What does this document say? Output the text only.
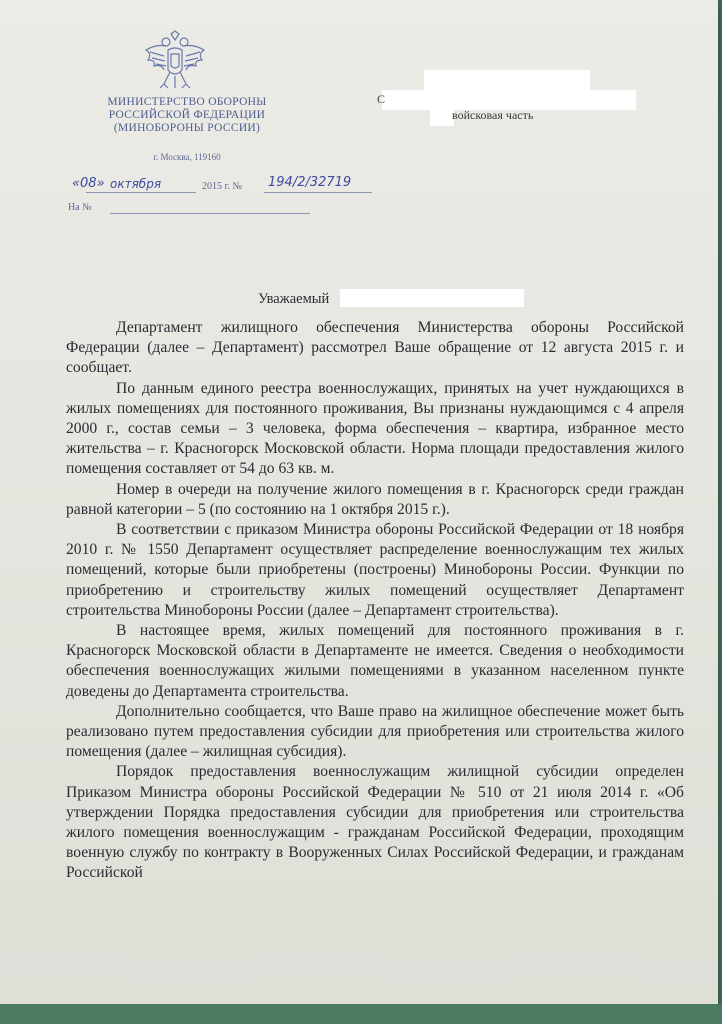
МИНИСТЕРСТВО ОБОРОНЫ
РОССИЙСКОЙ ФЕДЕРАЦИИ
(МИНОБОРОНЫ РОССИИ)
г. Москва, 119160
«08» октября	2015 г. № 194/2/32719
На №
С
войсковая часть
Уважаемый

Департамент жилищного обеспечения Министерства обороны Российской Федерации (далее – Департамент) рассмотрел Ваше обращение от 12 августа 2015 г. и сообщает.

По данным единого реестра военнослужащих, принятых на учет нуждающихся в жилых помещениях для постоянного проживания, Вы признаны нуждающимся с 4 апреля 2000 г., состав семьи – 3 человека, форма обеспечения – квартира, избранное место жительства – г. Красногорск Московской области. Норма площади предоставления жилого помещения составляет от 54 до 63 кв. м.

Номер в очереди на получение жилого помещения в г. Красногорск среди граждан равной категории – 5 (по состоянию на 1 октября 2015 г.).

В соответствии с приказом Министра обороны Российской Федерации от 18 ноября 2010 г. № 1550 Департамент осуществляет распределение военнослужащим тех жилых помещений, которые были приобретены (построены) Минобороны России. Функции по приобретению и строительству жилых помещений осуществляет Департамент строительства Минобороны России (далее – Департамент строительства).

В настоящее время, жилых помещений для постоянного проживания в г. Красногорск Московской области в Департаменте не имеется. Сведения о необходимости обеспечения военнослужащих жилыми помещениями в указанном населенном пункте доведены до Департамента строительства.

Дополнительно сообщается, что Ваше право на жилищное обеспечение может быть реализовано путем предоставления субсидии для приобретения или строительства жилого помещения (далее – жилищная субсидия).

Порядок предоставления военнослужащим жилищной субсидии определен Приказом Министра обороны Российской Федерации № 510 от 21 июля 2014 г. «Об утверждении Порядка предоставления субсидии для приобретения или строительства жилого помещения военнослужащим - гражданам Российской Федерации, проходящим военную службу по контракту в Вооруженных Силах Российской Федерации, и гражданам Российской
